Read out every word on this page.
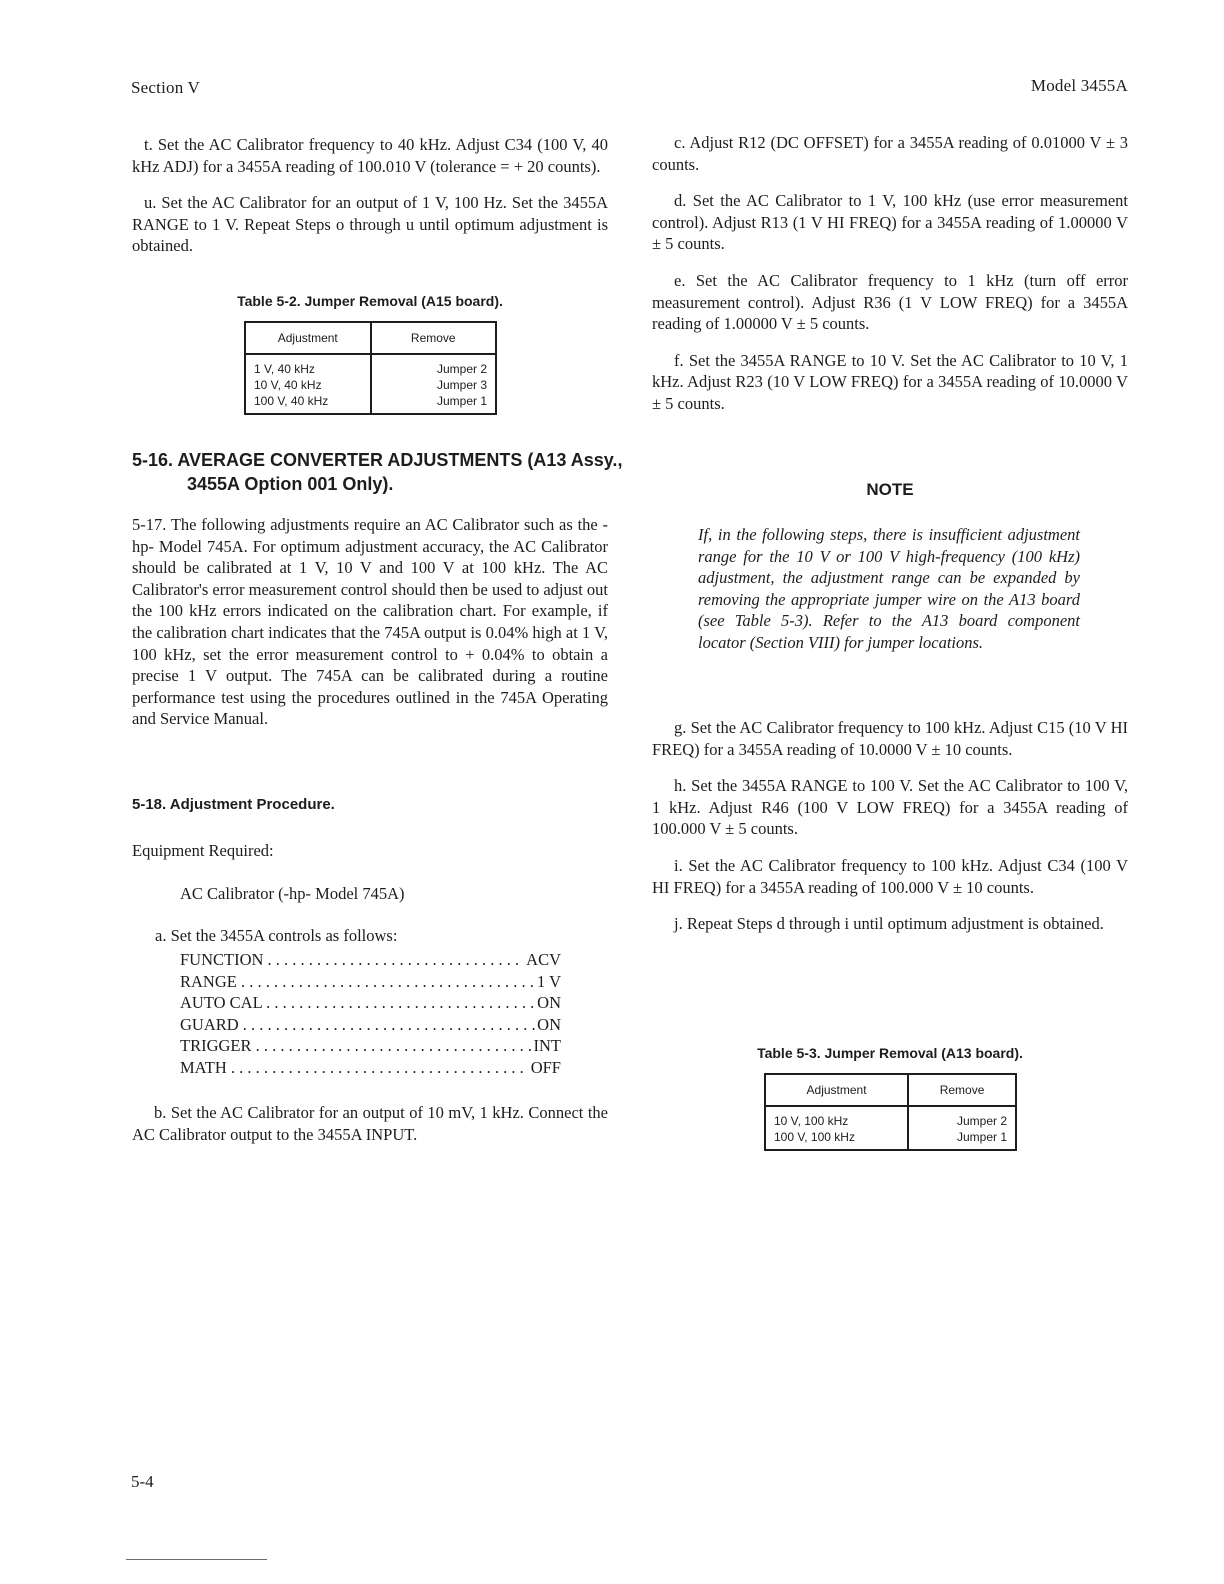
Section V	Model 3455A
t. Set the AC Calibrator frequency to 40 kHz. Adjust C34 (100 V, 40 kHz ADJ) for a 3455A reading of 100.010 V (tolerance = + 20 counts).
u. Set the AC Calibrator for an output of 1 V, 100 Hz. Set the 3455A RANGE to 1 V. Repeat Steps o through u until optimum adjustment is obtained.
Table 5-2. Jumper Removal (A15 board).
Adjustment	Remove
1 V, 40 kHz	Jumper 2
10 V, 40 kHz	Jumper 3
100 V, 40 kHz	Jumper 1
5-16. AVERAGE CONVERTER ADJUSTMENTS (A13 Assy., 3455A Option 001 Only).
5-17. The following adjustments require an AC Calibrator such as the -hp- Model 745A. For optimum adjustment accuracy, the AC Calibrator should be calibrated at 1 V, 10 V and 100 V at 100 kHz. The AC Calibrator's error measurement control should then be used to adjust out the 100 kHz errors indicated on the calibration chart. For example, if the calibration chart indicates that the 745A output is 0.04% high at 1 V, 100 kHz, set the error measurement control to + 0.04% to obtain a precise 1 V output. The 745A can be calibrated during a routine performance test using the procedures outlined in the 745A Operating and Service Manual.
5-18. Adjustment Procedure.
Equipment Required:
AC Calibrator (-hp- Model 745A)
a. Set the 3455A controls as follows:
FUNCTION . . .	ACV
RANGE . . .	1 V
AUTO CAL . . .	ON
GUARD . . .	ON
TRIGGER . . .	INT
MATH . . .	OFF
b. Set the AC Calibrator for an output of 10 mV, 1 kHz. Connect the AC Calibrator output to the 3455A INPUT.
c. Adjust R12 (DC OFFSET) for a 3455A reading of 0.01000 V ± 3 counts.
d. Set the AC Calibrator to 1 V, 100 kHz (use error measurement control). Adjust R13 (1 V HI FREQ) for a 3455A reading of 1.00000 V ± 5 counts.
e. Set the AC Calibrator frequency to 1 kHz (turn off error measurement control). Adjust R36 (1 V LOW FREQ) for a 3455A reading of 1.00000 V ± 5 counts.
f. Set the 3455A RANGE to 10 V. Set the AC Calibrator to 10 V, 1 kHz. Adjust R23 (10 V LOW FREQ) for a 3455A reading of 10.0000 V ± 5 counts.
NOTE

If, in the following steps, there is insufficient adjustment range for the 10 V or 100 V high-frequency (100 kHz) adjustment, the adjustment range can be expanded by removing the appropriate jumper wire on the A13 board (see Table 5-3). Refer to the A13 board component locator (Section VIII) for jumper locations.

g. Set the AC Calibrator frequency to 100 kHz. Adjust C15 (10 V HI FREQ) for a 3455A reading of 10.0000 V ± 10 counts.
h. Set the 3455A RANGE to 100 V. Set the AC Calibrator to 100 V, 1 kHz. Adjust R46 (100 V LOW FREQ) for a 3455A reading of 100.000 V ± 5 counts.
i. Set the AC Calibrator frequency to 100 kHz. Adjust C34 (100 V HI FREQ) for a 3455A reading of 100.000 V ± 10 counts.
j. Repeat Steps d through i until optimum adjustment is obtained.
Table 5-3. Jumper Removal (A13 board).
Adjustment	Remove
10 V, 100 kHz	Jumper 2
100 V, 100 kHz	Jumper 1
5-4
